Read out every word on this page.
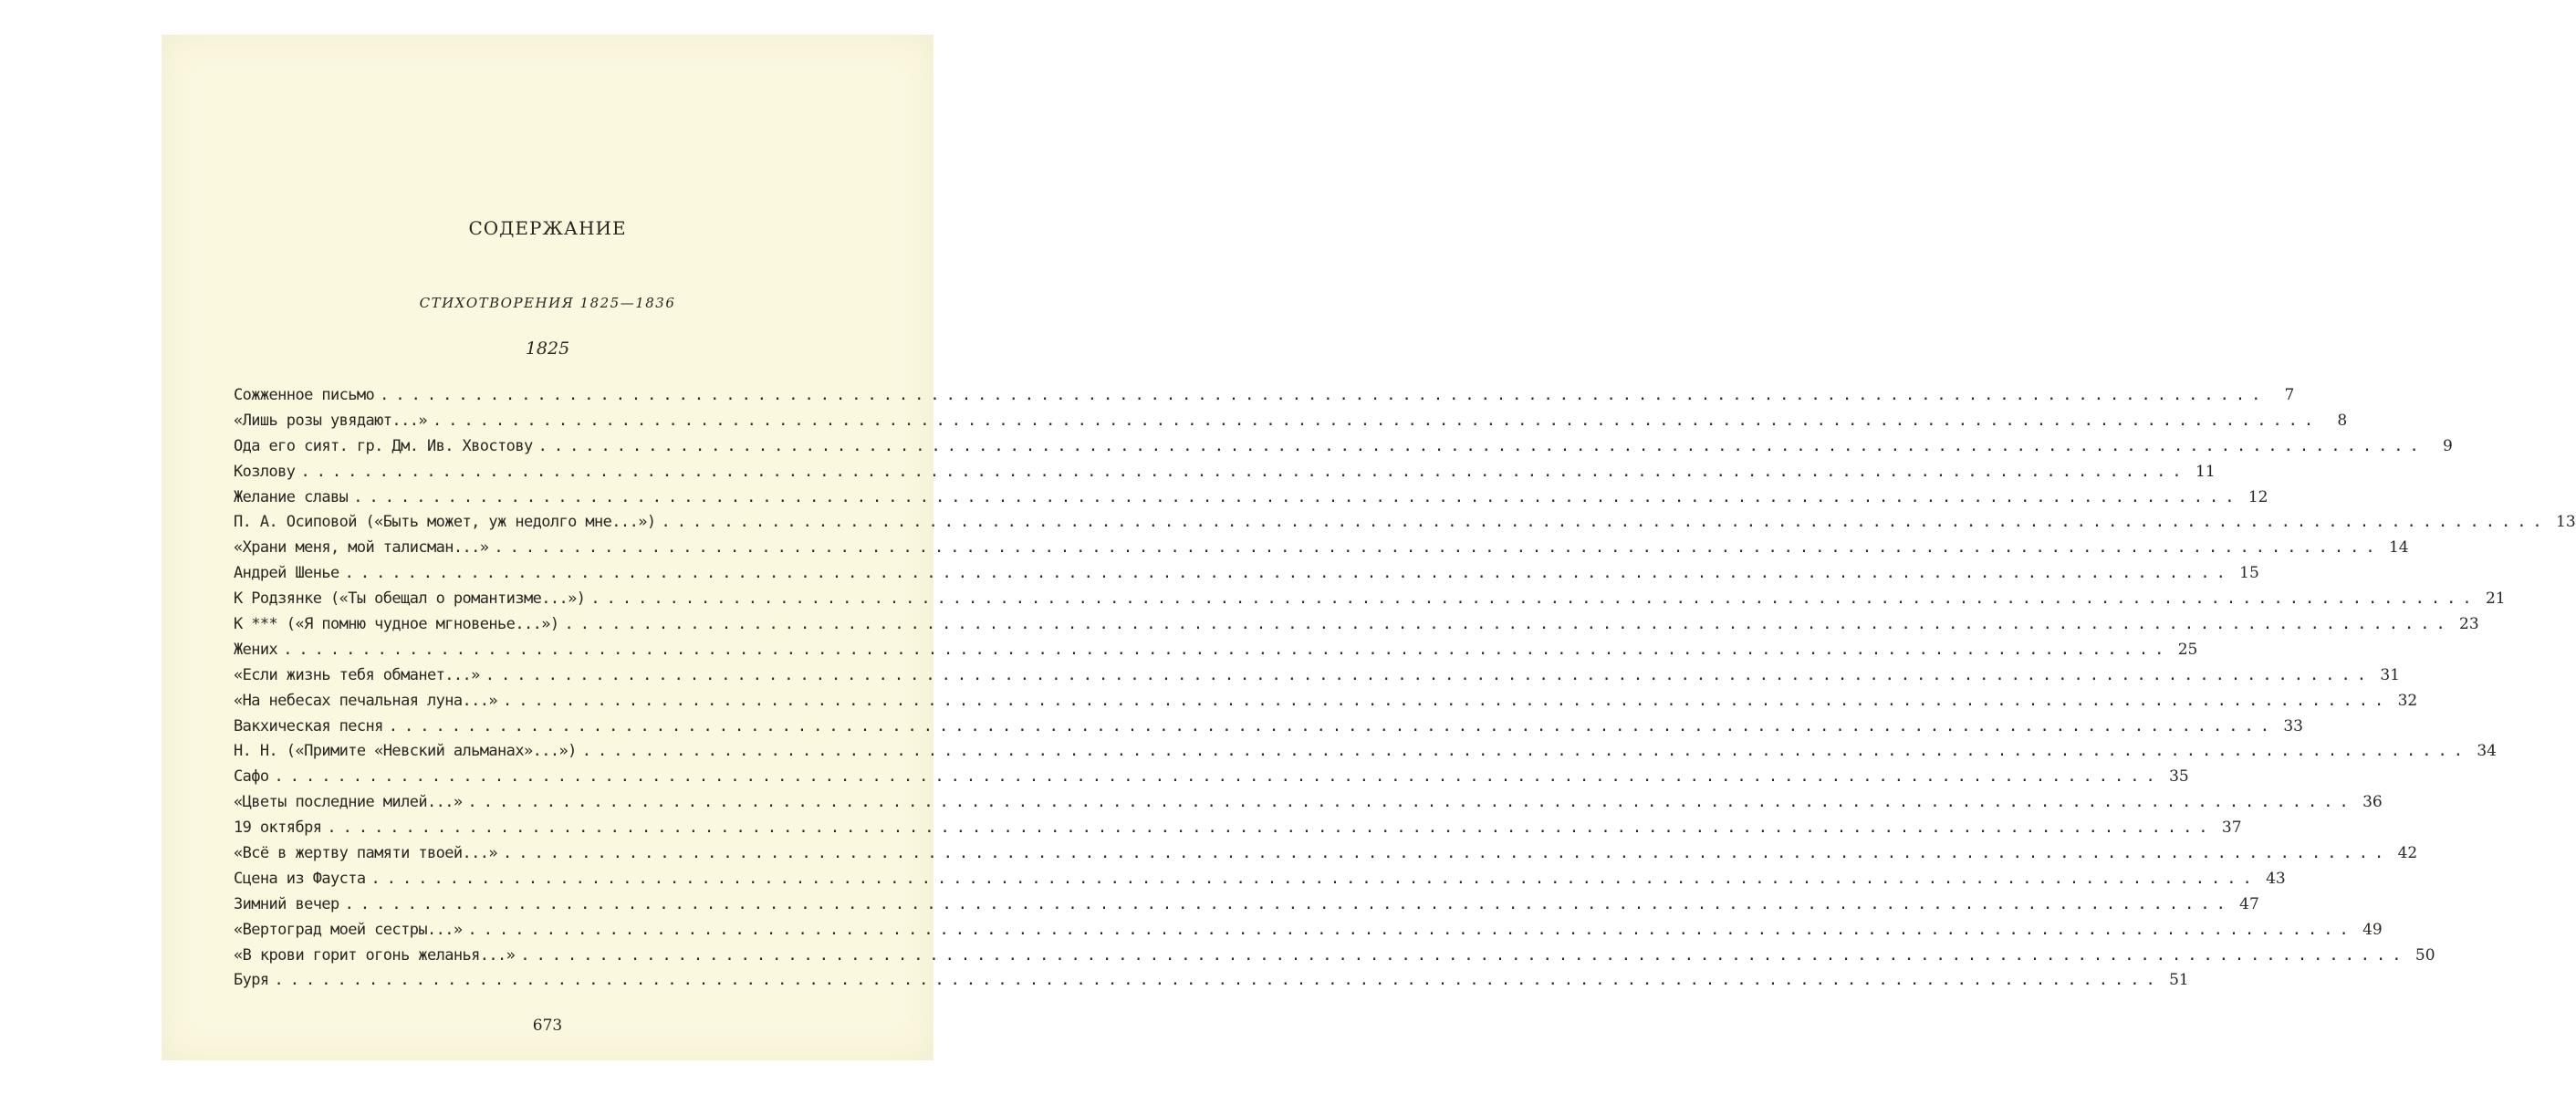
СОДЕРЖАНИЕ
СТИХОТВОРЕНИЯ 1825—1836
1825
Сожженное письмо ........................................................................................................................	7
«Лишь розы увядают...» ........................................................................................................................	8
Ода его сият. гр. Дм. Ив. Хвостову ........................................................................................................................	9
Козлову ........................................................................................................................ 11
Желание славы ........................................................................................................................ 12
П. А. Осиповой («Быть может, уж недолго мне...») ........................................................................................................................ 13
«Храни меня, мой талисман...» ........................................................................................................................ 14
Андрей Шенье ........................................................................................................................ 15
К Родзянке («Ты обещал о романтизме...») ........................................................................................................................ 21
К *** («Я помню чудное мгновенье...») ........................................................................................................................ 23
Жених ........................................................................................................................ 25
«Если жизнь тебя обманет...» ........................................................................................................................ 31
«На небесах печальная луна...» ........................................................................................................................ 32
Вакхическая песня ........................................................................................................................ 33
Н. Н. («Примите «Невский альманах»...») ........................................................................................................................ 34
Сафо ........................................................................................................................ 35
«Цветы последние милей...» ........................................................................................................................ 36
19 октября ........................................................................................................................ 37
«Всё в жертву памяти твоей...» ........................................................................................................................ 42
Сцена из Фауста ........................................................................................................................ 43
Зимний вечер ........................................................................................................................ 47
«Вертоград моей сестры...» ........................................................................................................................ 49
«В крови горит огонь желанья...» ........................................................................................................................ 50
Буря ........................................................................................................................ 51
673
